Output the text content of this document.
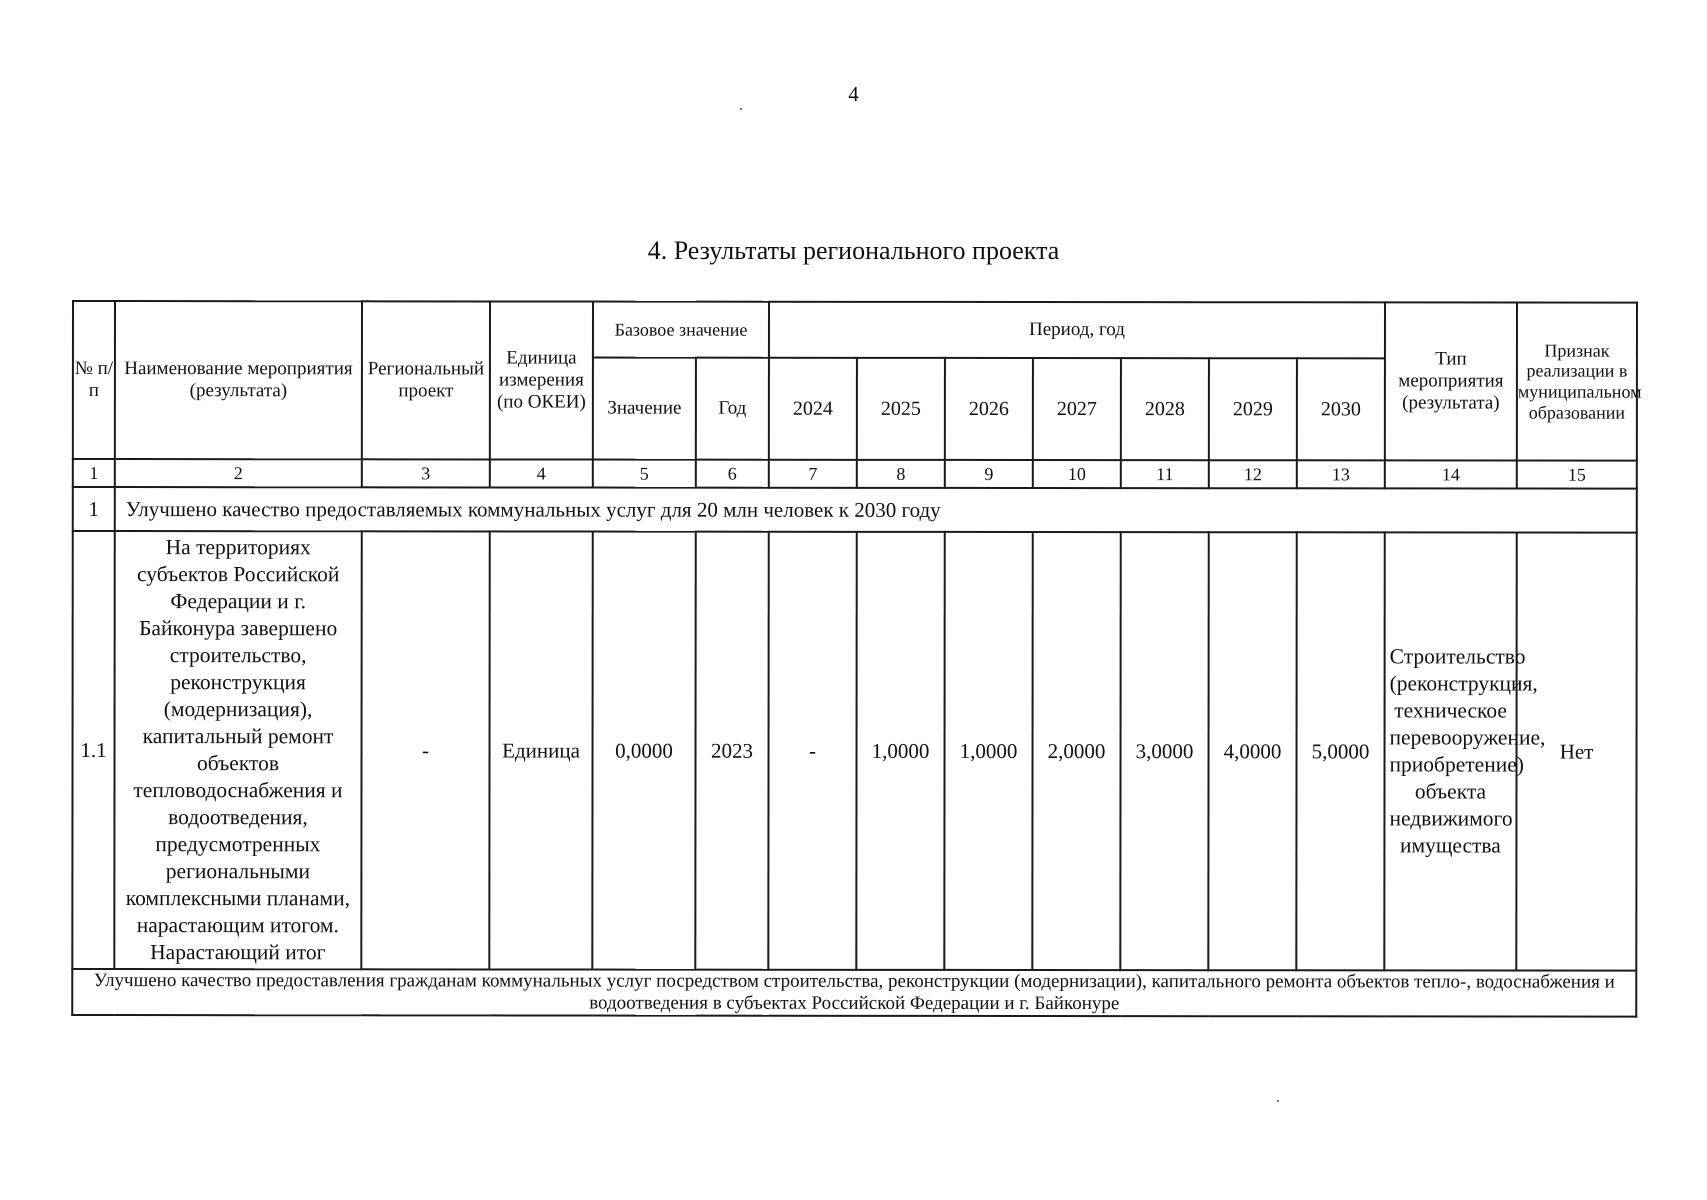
4
4. Результаты регионального проекта
№ п/п	Наименование мероприятия (результата)	Региональный проект	Единица измерения (по ОКЕИ)	Базовое значение		Период, год							Тип мероприятия (результата)	Признак реализации в муниципальном образовании
				Значение	Год	2024	2025	2026	2027	2028	2029	2030		
1	2	3	4	5	6	7	8	9	10	11	12	13	14	15
1	Улучшено качество предоставляемых коммунальных услуг для 20 млн человек к 2030 году													
1.1	На территориях субъектов Российской Федерации и г. Байконура завершено строительство, реконструкция (модернизация), капитальный ремонт объектов тепловодоснабжения и водоотведения, предусмотренных региональными комплексными планами, нарастающим итогом. Нарастающий итог	-	Единица	0,0000	2023	-	1,0000	1,0000	2,0000	3,0000	4,0000	5,0000	Строительство (реконструкция, техническое перевооружение, приобретение) объекта недвижимого имущества	Нет
Улучшено качество предоставления гражданам коммунальных услуг посредством строительства, реконструкции (модернизации), капитального ремонта объектов тепло-, водоснабжения и водоотведения в субъектах Российской Федерации и г. Байконуре														
